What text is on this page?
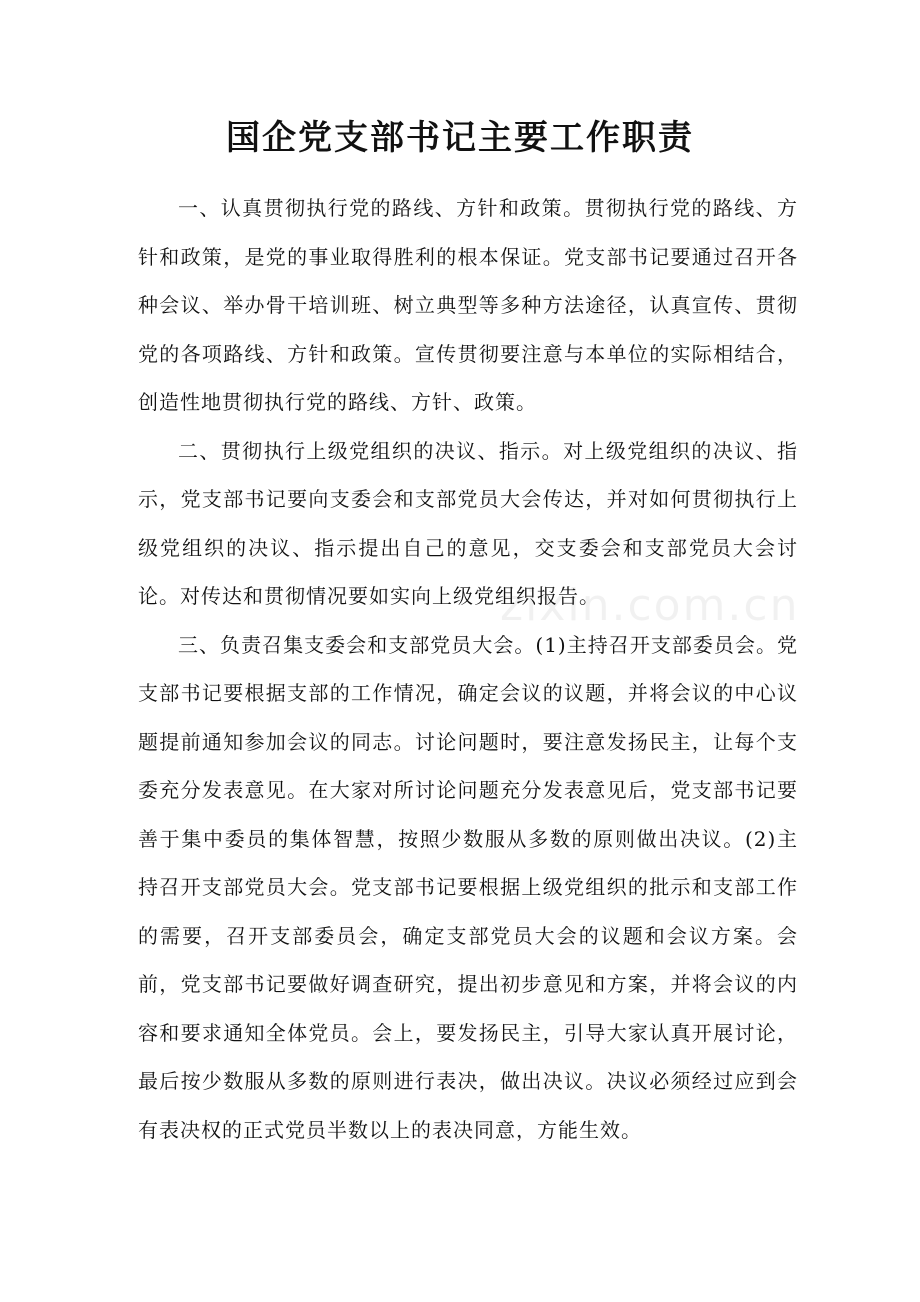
国企党支部书记主要工作职责

一、认真贯彻执行党的路线、方针和政策。贯彻执行党的路线、方针和政策，是党的事业取得胜利的根本保证。党支部书记要通过召开各种会议、举办骨干培训班、树立典型等多种方法途径，认真宣传、贯彻党的各项路线、方针和政策。宣传贯彻要注意与本单位的实际相结合，创造性地贯彻执行党的路线、方针、政策。

二、贯彻执行上级党组织的决议、指示。对上级党组织的决议、指示，党支部书记要向支委会和支部党员大会传达，并对如何贯彻执行上级党组织的决议、指示提出自己的意见，交支委会和支部党员大会讨论。对传达和贯彻情况要如实向上级党组织报告。

三、负责召集支委会和支部党员大会。(1)主持召开支部委员会。党支部书记要根据支部的工作情况，确定会议的议题，并将会议的中心议题提前通知参加会议的同志。讨论问题时，要注意发扬民主，让每个支委充分发表意见。在大家对所讨论问题充分发表意见后，党支部书记要善于集中委员的集体智慧，按照少数服从多数的原则做出决议。(2)主持召开支部党员大会。党支部书记要根据上级党组织的批示和支部工作的需要，召开支部委员会，确定支部党员大会的议题和会议方案。会前，党支部书记要做好调查研究，提出初步意见和方案，并将会议的内容和要求通知全体党员。会上，要发扬民主，引导大家认真开展讨论，最后按少数服从多数的原则进行表决，做出决议。决议必须经过应到会有表决权的正式党员半数以上的表决同意，方能生效。

zixin.com.cn
